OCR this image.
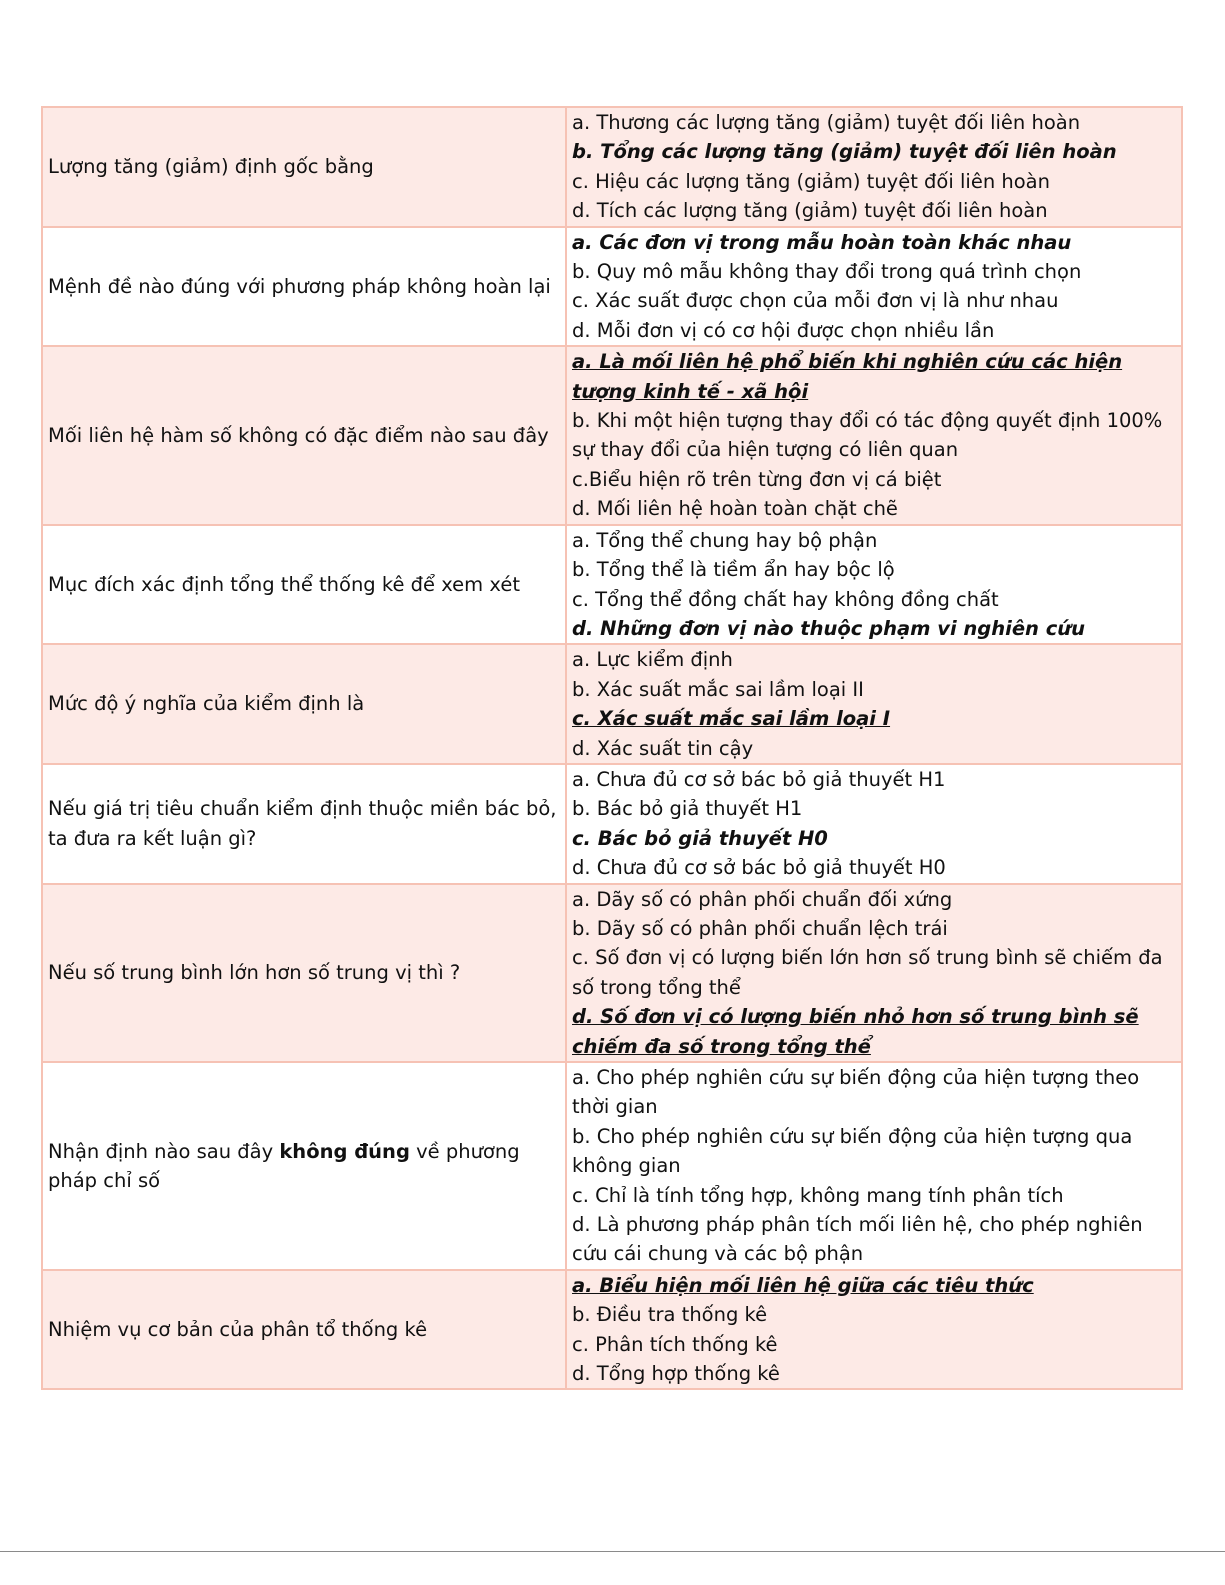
Lượng tăng (giảm) định gốc bằng	a. Thương các lượng tăng (giảm) tuyệt đối liên hoàn
b. Tổng các lượng tăng (giảm) tuyệt đối liên hoàn
c. Hiệu các lượng tăng (giảm) tuyệt đối liên hoàn
d. Tích các lượng tăng (giảm) tuyệt đối liên hoàn

Mệnh đề nào đúng với phương pháp không hoàn lại	a. Các đơn vị trong mẫu hoàn toàn khác nhau
b. Quy mô mẫu không thay đổi trong quá trình chọn
c. Xác suất được chọn của mỗi đơn vị là như nhau
d. Mỗi đơn vị có cơ hội được chọn nhiều lần

Mối liên hệ hàm số không có đặc điểm nào sau đây	a. Là mối liên hệ phổ biến khi nghiên cứu các hiện tượng kinh tế - xã hội
b. Khi một hiện tượng thay đổi có tác động quyết định 100% sự thay đổi của hiện tượng có liên quan
c.Biểu hiện rõ trên từng đơn vị cá biệt
d. Mối liên hệ hoàn toàn chặt chẽ

Mục đích xác định tổng thể thống kê để xem xét	a. Tổng thể chung hay bộ phận
b. Tổng thể là tiềm ẩn hay bộc lộ
c. Tổng thể đồng chất hay không đồng chất
d. Những đơn vị nào thuộc phạm vi nghiên cứu

Mức độ ý nghĩa của kiểm định là	a. Lực kiểm định
b. Xác suất mắc sai lầm loại II
c. Xác suất mắc sai lầm loại I
d. Xác suất tin cậy

Nếu giá trị tiêu chuẩn kiểm định thuộc miền bác bỏ, ta đưa ra kết luận gì?	a. Chưa đủ cơ sở bác bỏ giả thuyết H1
b. Bác bỏ giả thuyết H1
c. Bác bỏ giả thuyết H0
d. Chưa đủ cơ sở bác bỏ giả thuyết H0

Nếu số trung bình lớn hơn số trung vị thì ?	a. Dãy số có phân phối chuẩn đối xứng
b. Dãy số có phân phối chuẩn lệch trái
c. Số đơn vị có lượng biến lớn hơn số trung bình sẽ chiếm đa số trong tổng thể
d. Số đơn vị có lượng biến nhỏ hơn số trung bình sẽ chiếm đa số trong tổng thể

Nhận định nào sau đây không đúng về phương pháp chỉ số	a. Cho phép nghiên cứu sự biến động của hiện tượng theo thời gian
b. Cho phép nghiên cứu sự biến động của hiện tượng qua không gian
c. Chỉ là tính tổng hợp, không mang tính phân tích
d. Là phương pháp phân tích mối liên hệ, cho phép nghiên cứu cái chung và các bộ phận

Nhiệm vụ cơ bản của phân tổ thống kê	a. Biểu hiện mối liên hệ giữa các tiêu thức
b. Điều tra thống kê
c. Phân tích thống kê
d. Tổng hợp thống kê
